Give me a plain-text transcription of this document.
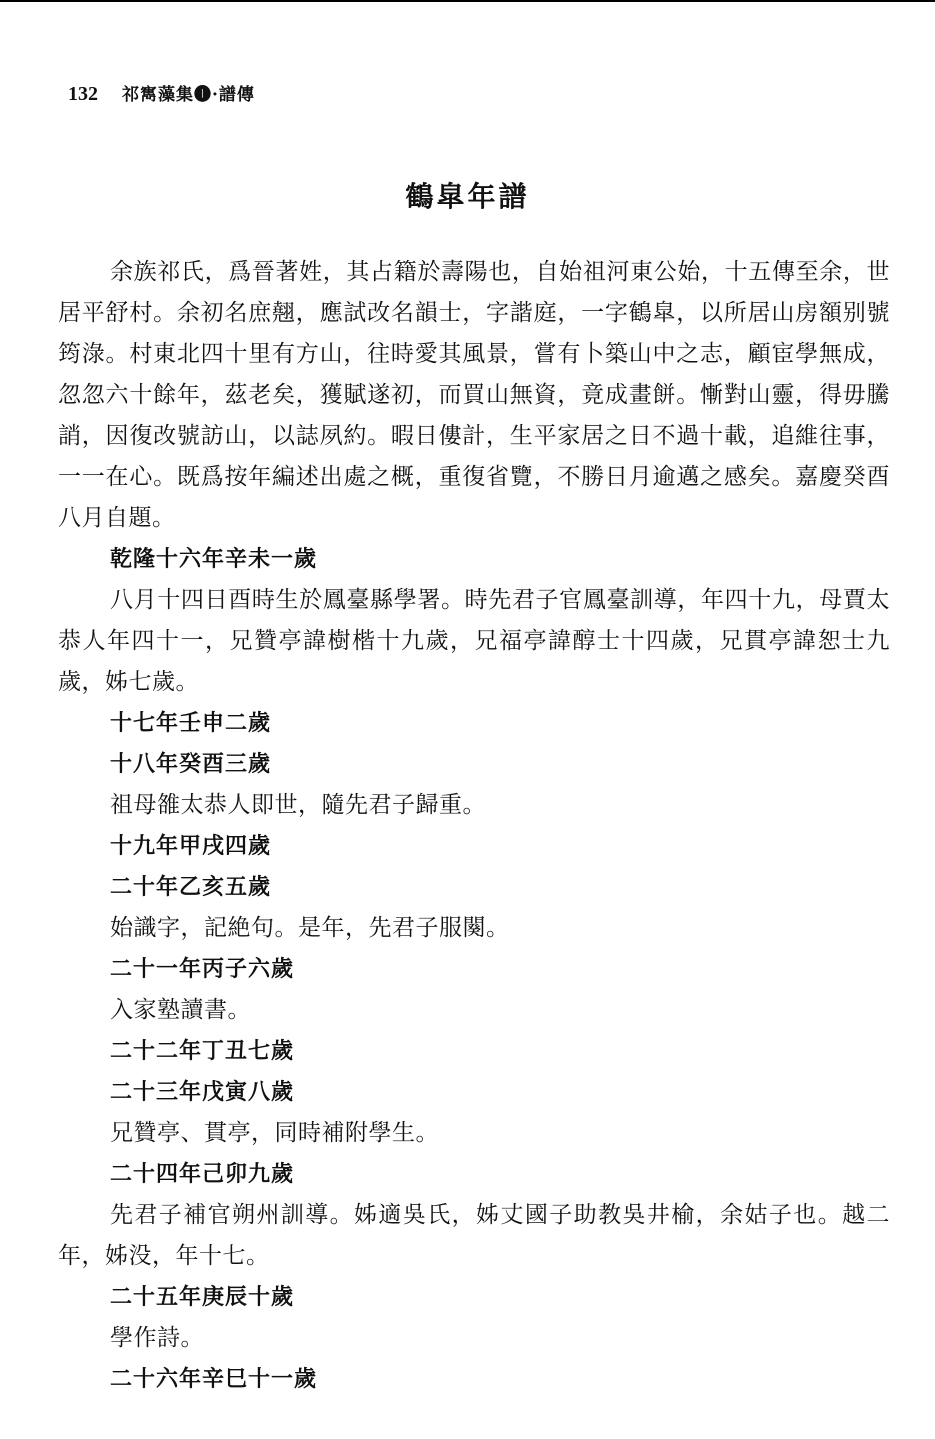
132 祁寯藻集❶·譜傳
鶴皐年譜

余族祁氏，爲晉著姓，其占籍於壽陽也，自始祖河東公始，十五傳至余，世居平舒村。余初名庶翹，應試改名韻士，字諧庭，一字鶴皐，以所居山房額别號筠淥。村東北四十里有方山，往時愛其風景，嘗有卜築山中之志，顧宦學無成，忽忽六十餘年，茲老矣，獲賦遂初，而買山無資，竟成畫餅。慚對山靈，得毋騰誚，因復改號訪山，以誌夙約。暇日僂計，生平家居之日不過十載，追維往事，一一在心。既爲按年編述出處之概，重復省覽，不勝日月逾邁之感矣。嘉慶癸酉八月自題。

乾隆十六年辛未一歲

八月十四日酉時生於鳳臺縣學署。時先君子官鳳臺訓導，年四十九，母賈太恭人年四十一，兄贊亭諱樹楷十九歲，兄福亭諱醇士十四歲，兄貫亭諱恕士九歲，姊七歲。

十七年壬申二歲

十八年癸酉三歲

祖母雒太恭人即世，隨先君子歸重。

十九年甲戌四歲

二十年乙亥五歲

始識字，記絶句。是年，先君子服闋。

二十一年丙子六歲

入家塾讀書。

二十二年丁丑七歲

二十三年戊寅八歲

兄贊亭、貫亭，同時補附學生。

二十四年己卯九歲

先君子補官朔州訓導。姊適吳氏，姊丈國子助教吳井榆，余姑子也。越二年，姊没，年十七。

二十五年庚辰十歲

學作詩。

二十六年辛巳十一歲
